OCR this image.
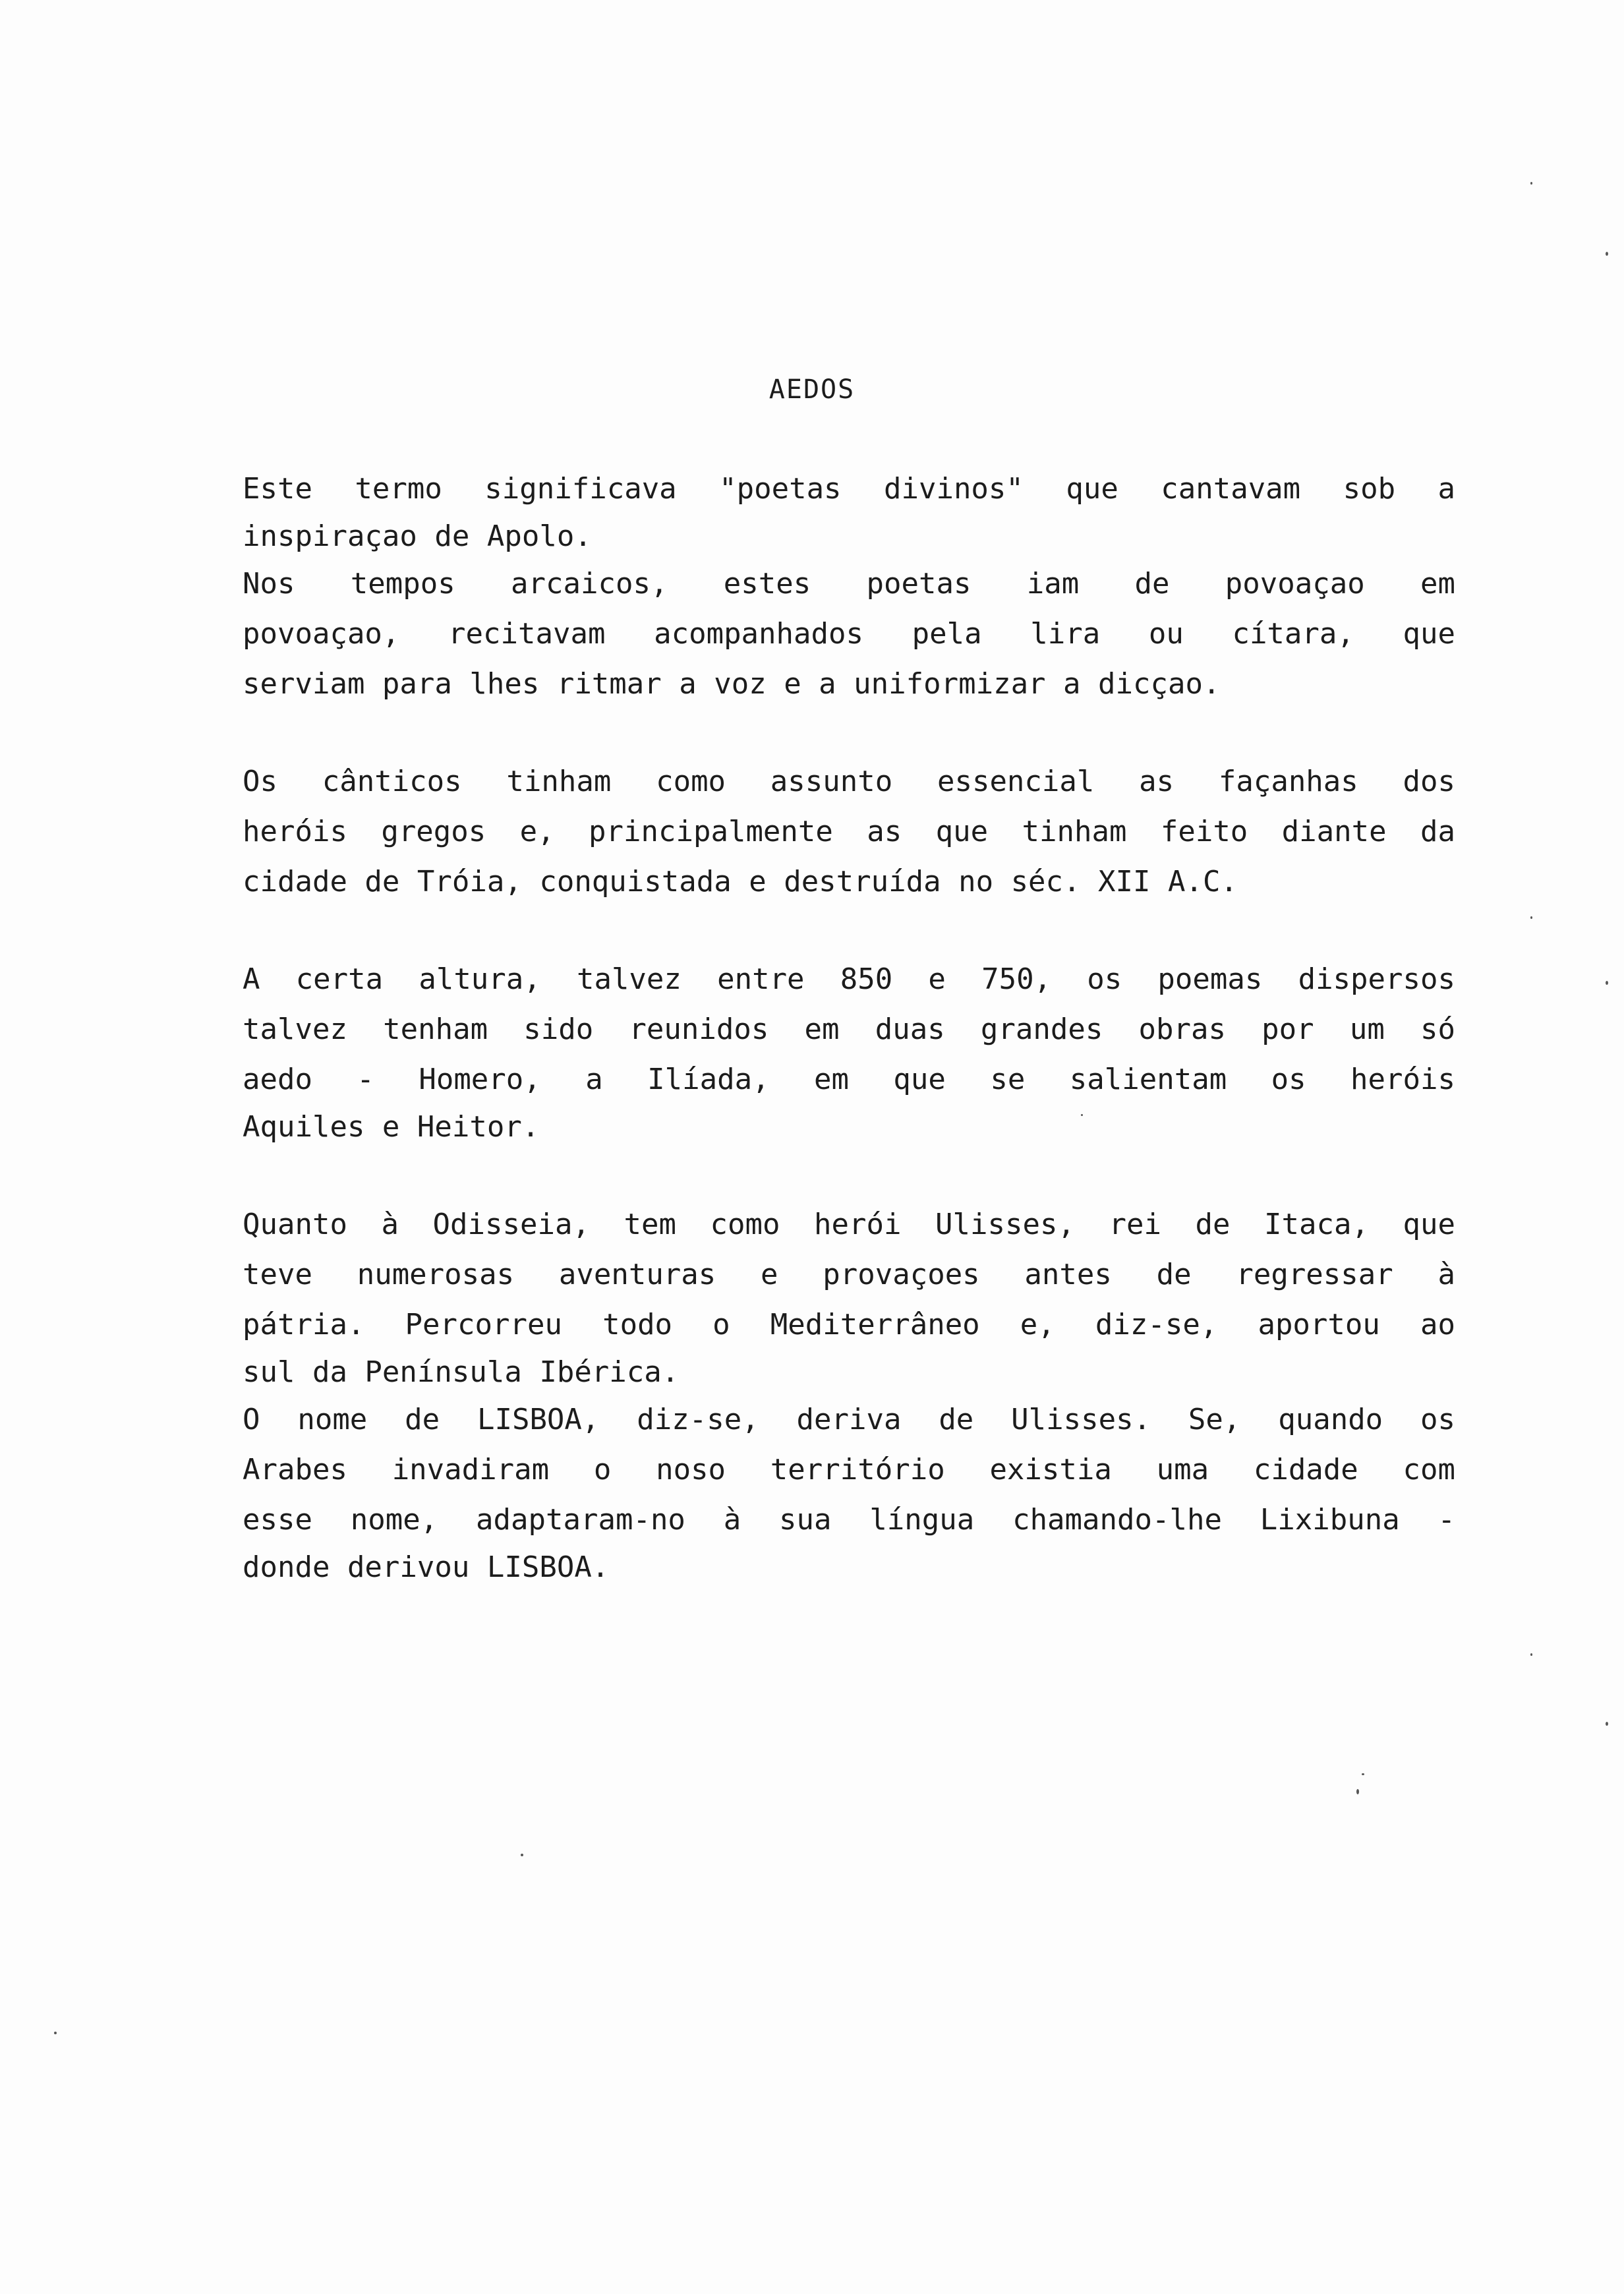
AEDOS
Este termo significava "poetas divinos" que cantavam sob a
inspiraçao de Apolo.
Nos tempos arcaicos, estes poetas iam de povoaçao em
povoaçao, recitavam acompanhados pela lira ou cítara, que
serviam para lhes ritmar a voz e a uniformizar a dicçao.
Os cânticos tinham como assunto essencial as façanhas dos
heróis gregos e, principalmente as que tinham feito diante da
cidade de Tróia, conquistada e destruída no séc. XII A.C.
A certa altura, talvez entre 850 e 750, os poemas dispersos
talvez tenham sido reunidos em duas grandes obras por um só
aedo - Homero, a Ilíada, em que se salientam os heróis
Aquiles e Heitor.
Quanto à Odisseia, tem como herói Ulisses, rei de Itaca, que
teve numerosas aventuras e provaçoes antes de regressar à
pátria. Percorreu todo o Mediterrâneo e, diz-se, aportou ao
sul da Península Ibérica.
O nome de LISBOA, diz-se, deriva de Ulisses. Se, quando os
Arabes invadiram o noso território existia uma cidade com
esse nome, adaptaram-no à sua língua chamando-lhe Lixibuna -
donde derivou LISBOA.
